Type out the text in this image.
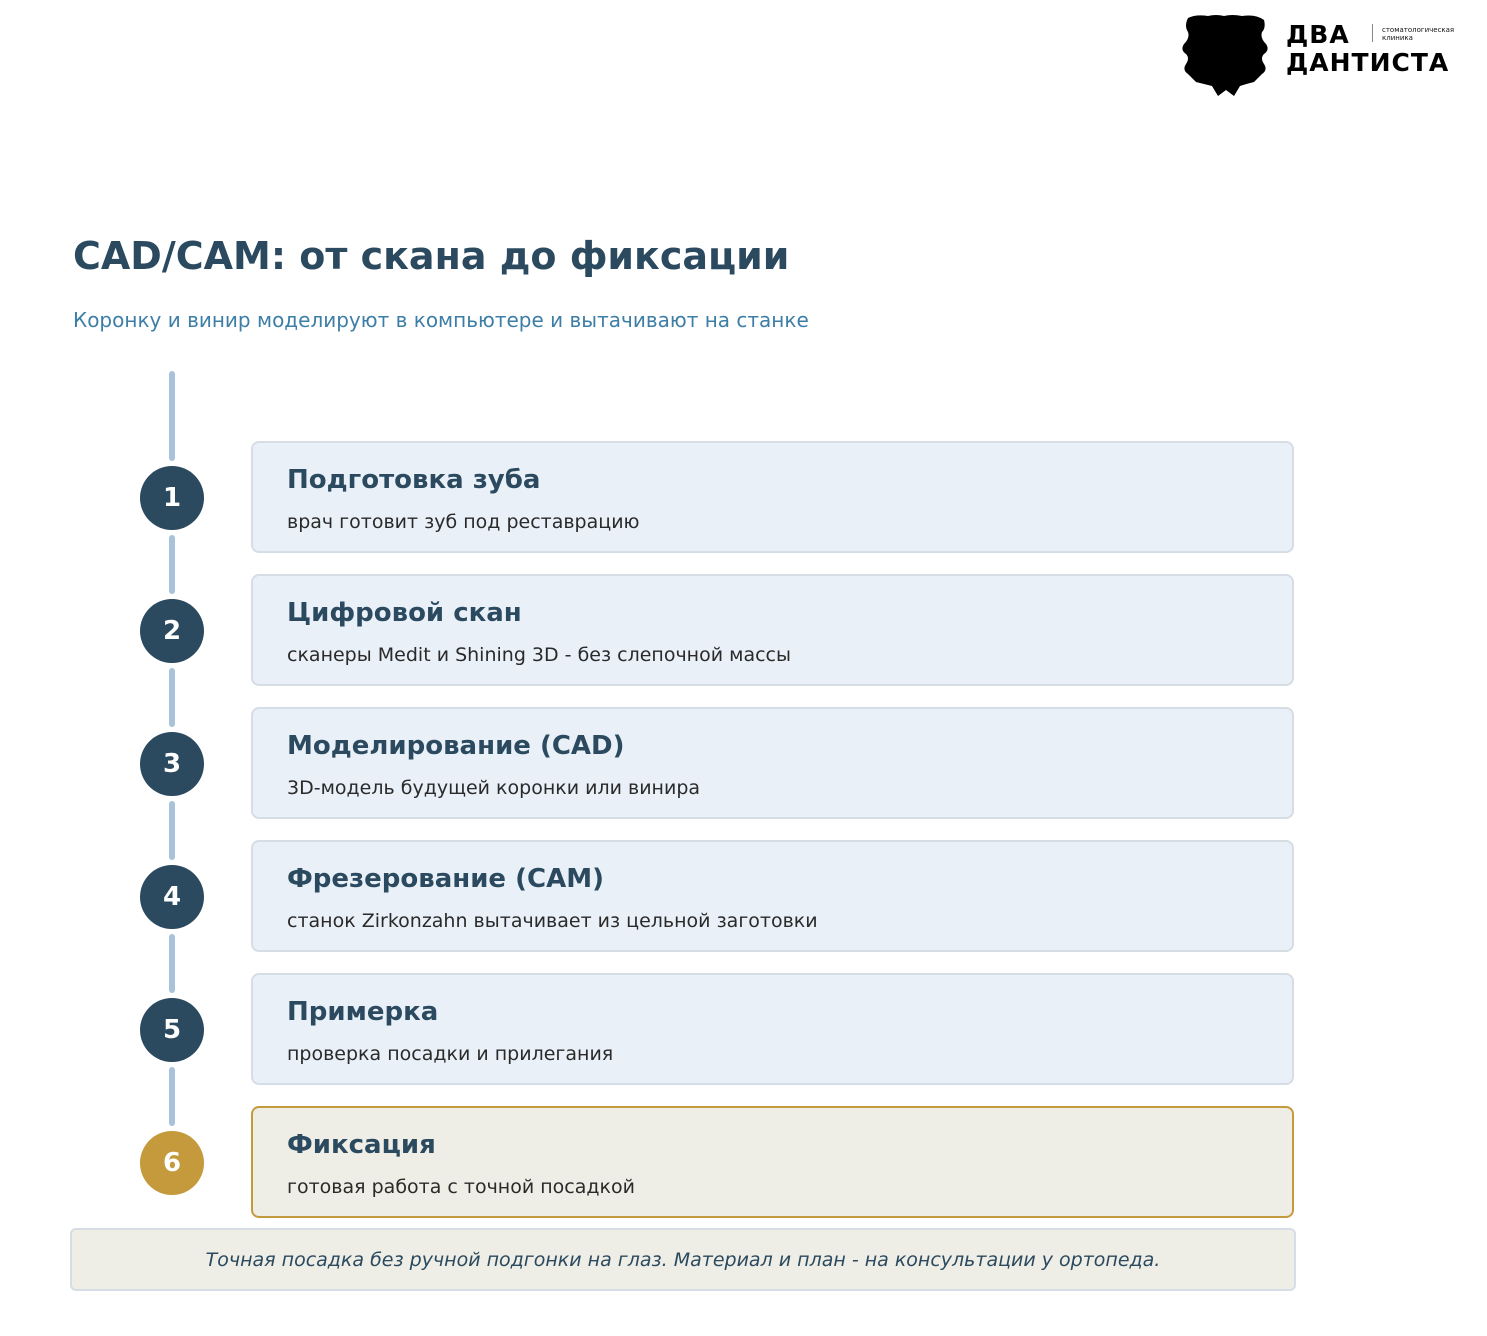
ДВА
ДАНТИСТА
стоматологическая
клиника
CAD/CAM: от скана до фиксации
Коронку и винир моделируют в компьютере и вытачивают на станке
1
Подготовка зуба
врач готовит зуб под реставрацию
2
Цифровой скан
сканеры Medit и Shining 3D - без слепочной массы
3
Моделирование (CAD)
3D-модель будущей коронки или винира
4
Фрезерование (CAM)
станок Zirkonzahn вытачивает из цельной заготовки
5
Примерка
проверка посадки и прилегания
6
Фиксация
готовая работа с точной посадкой
Точная посадка без ручной подгонки на глаз. Материал и план - на консультации у ортопеда.
